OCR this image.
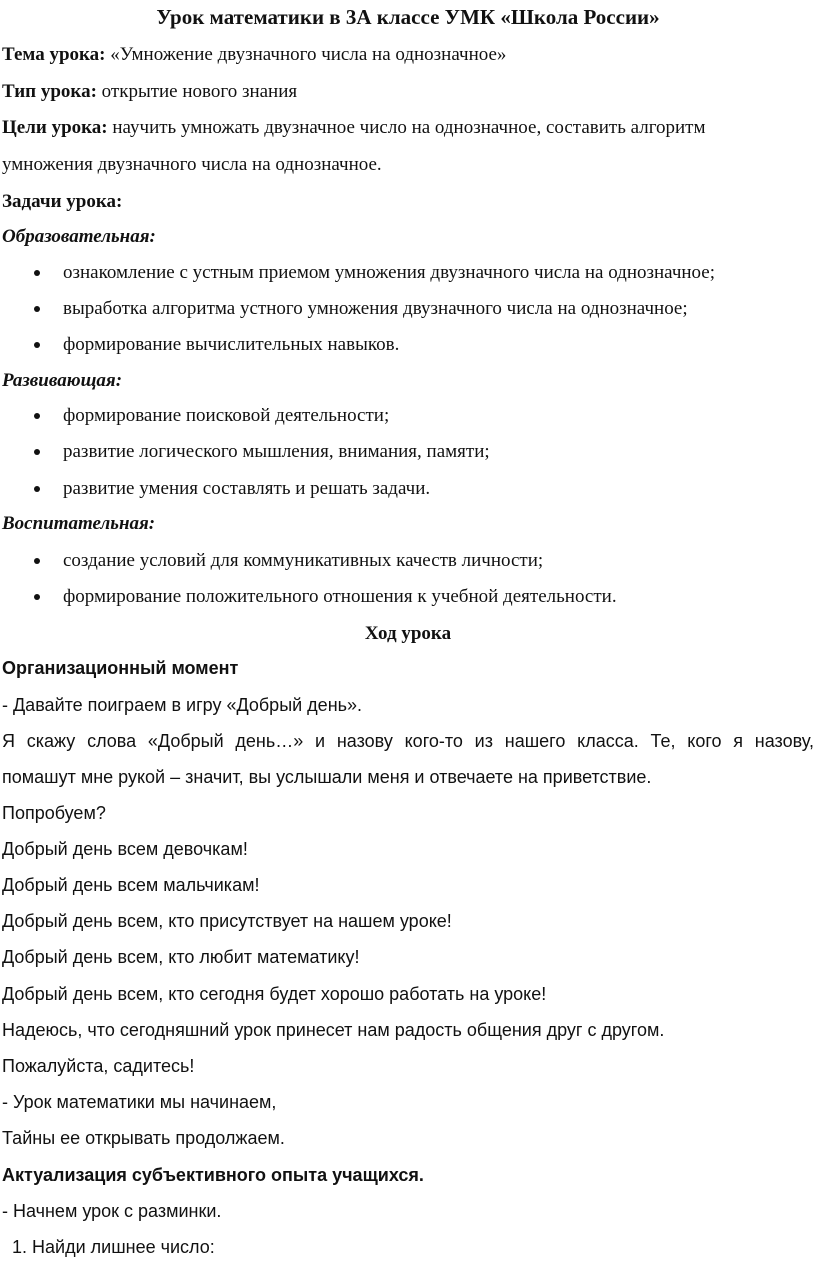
Урок математики в 3А классе УМК «Школа России»
Тема урока: «Умножение двузначного числа на однозначное»
Тип урока: открытие нового знания
Цели урока: научить умножать двузначное число на однозначное, составить алгоритм
умножения двузначного числа на однозначное.
Задачи урока:
Образовательная:
ознакомление с устным приемом умножения двузначного числа на однозначное;
выработка алгоритма устного умножения двузначного числа на однозначное;
формирование вычислительных навыков.
Развивающая:
формирование поисковой деятельности;
развитие логического мышления, внимания, памяти;
развитие умения составлять и решать задачи.
Воспитательная:
создание условий для коммуникативных качеств личности;
формирование положительного отношения к учебной деятельности.
Ход урока
Организационный момент
- Давайте поиграем в игру «Добрый день».
Я скажу слова «Добрый день…» и назову кого-то из нашего класса. Те, кого я назову,
помашут мне рукой – значит, вы услышали меня и отвечаете на приветствие.
Попробуем?
Добрый день всем девочкам!
Добрый день всем мальчикам!
Добрый день всем, кто присутствует на нашем уроке!
Добрый день всем, кто любит математику!
Добрый день всем, кто сегодня будет хорошо работать на уроке!
Надеюсь, что сегодняшний урок принесет нам радость общения друг с другом.
Пожалуйста, садитесь!
- Урок математики мы начинаем,
Тайны ее открывать продолжаем.
Актуализация субъективного опыта учащихся.
- Начнем урок с разминки.
1. Найди лишнее число:
